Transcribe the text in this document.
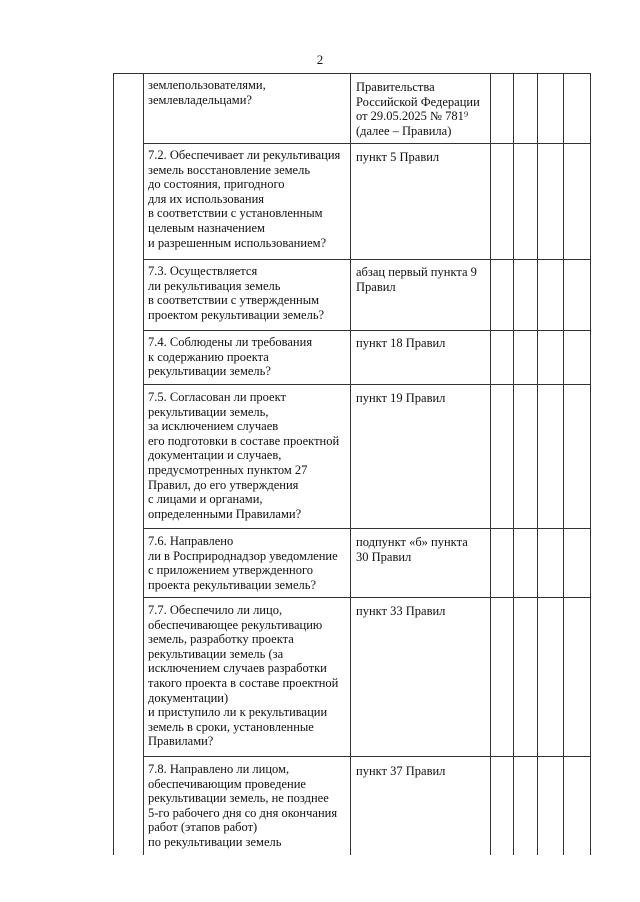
2
землепользователями,
землевладельцами?
Правительства
Российской Федерации
от 29.05.2025 № 781⁹
(далее – Правила)
7.2. Обеспечивает ли рекультивация
земель восстановление земель
до состояния, пригодного
для их использования
в соответствии с установленным
целевым назначением
и разрешенным использованием?
пункт 5 Правил
7.3. Осуществляется
ли рекультивация земель
в соответствии с утвержденным
проектом рекультивации земель?
абзац первый пункта 9
Правил
7.4. Соблюдены ли требования
к содержанию проекта
рекультивации земель?
пункт 18 Правил
7.5. Согласован ли проект
рекультивации земель,
за исключением случаев
его подготовки в составе проектной
документации и случаев,
предусмотренных пунктом 27
Правил, до его утверждения
с лицами и органами,
определенными Правилами?
пункт 19 Правил
7.6. Направлено
ли в Росприроднадзор уведомление
с приложением утвержденного
проекта рекультивации земель?
подпункт «б» пункта
30 Правил
7.7. Обеспечило ли лицо,
обеспечивающее рекультивацию
земель, разработку проекта
рекультивации земель (за
исключением случаев разработки
такого проекта в составе проектной
документации)
и приступило ли к рекультивации
земель в сроки, установленные
Правилами?
пункт 33 Правил
7.8. Направлено ли лицом,
обеспечивающим проведение
рекультивации земель, не позднее
5-го рабочего дня со дня окончания
работ (этапов работ)
по рекультивации земель
пункт 37 Правил
